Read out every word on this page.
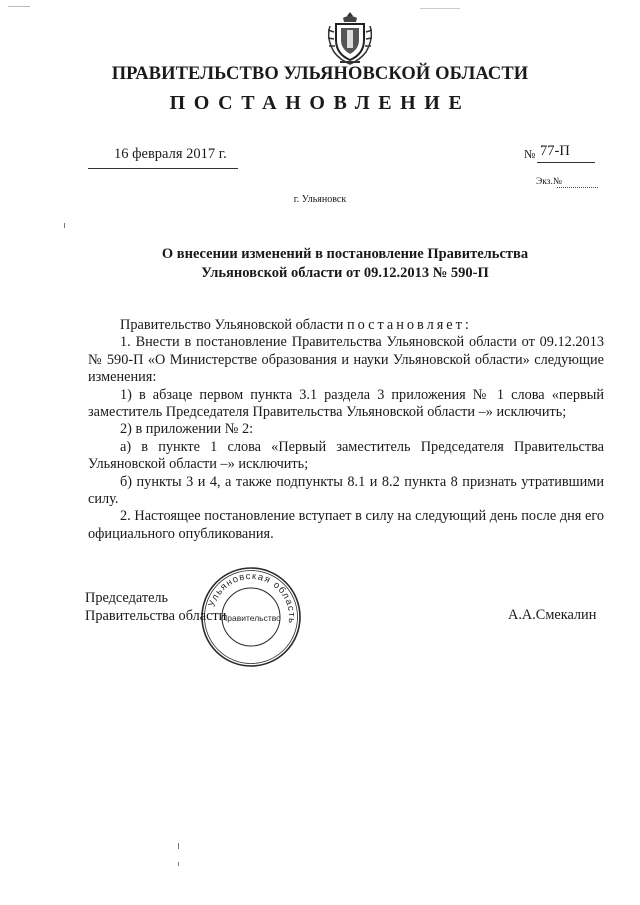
ПРАВИТЕЛЬСТВО УЛЬЯНОВСКОЙ ОБЛАСТИ
ПОСТАНОВЛЕНИЕ
16 февраля 2017 г.	№ 77-П
Экз.№
г. Ульяновск
О внесении изменений в постановление Правительства
Ульяновской области от 09.12.2013 № 590-П

Правительство Ульяновской области постановляет:

1. Внести в постановление Правительства Ульяновской области от 09.12.2013 № 590-П «О Министерстве образования и науки Ульяновской области» следующие изменения:

1) в абзаце первом пункта 3.1 раздела 3 приложения № 1 слова «первый заместитель Председателя Правительства Ульяновской области –» исключить;

2) в приложении № 2:

а) в пункте 1 слова «Первый заместитель Председателя Правительства Ульяновской области –» исключить;

б) пункты 3 и 4, а также подпункты 8.1 и 8.2 пункта 8 признать утратившими силу.

2. Настоящее постановление вступает в силу на следующий день после дня его официального опубликования.

Ульяновская область
Правительство
Председатель
Правительства области	А.А.Смекалин
